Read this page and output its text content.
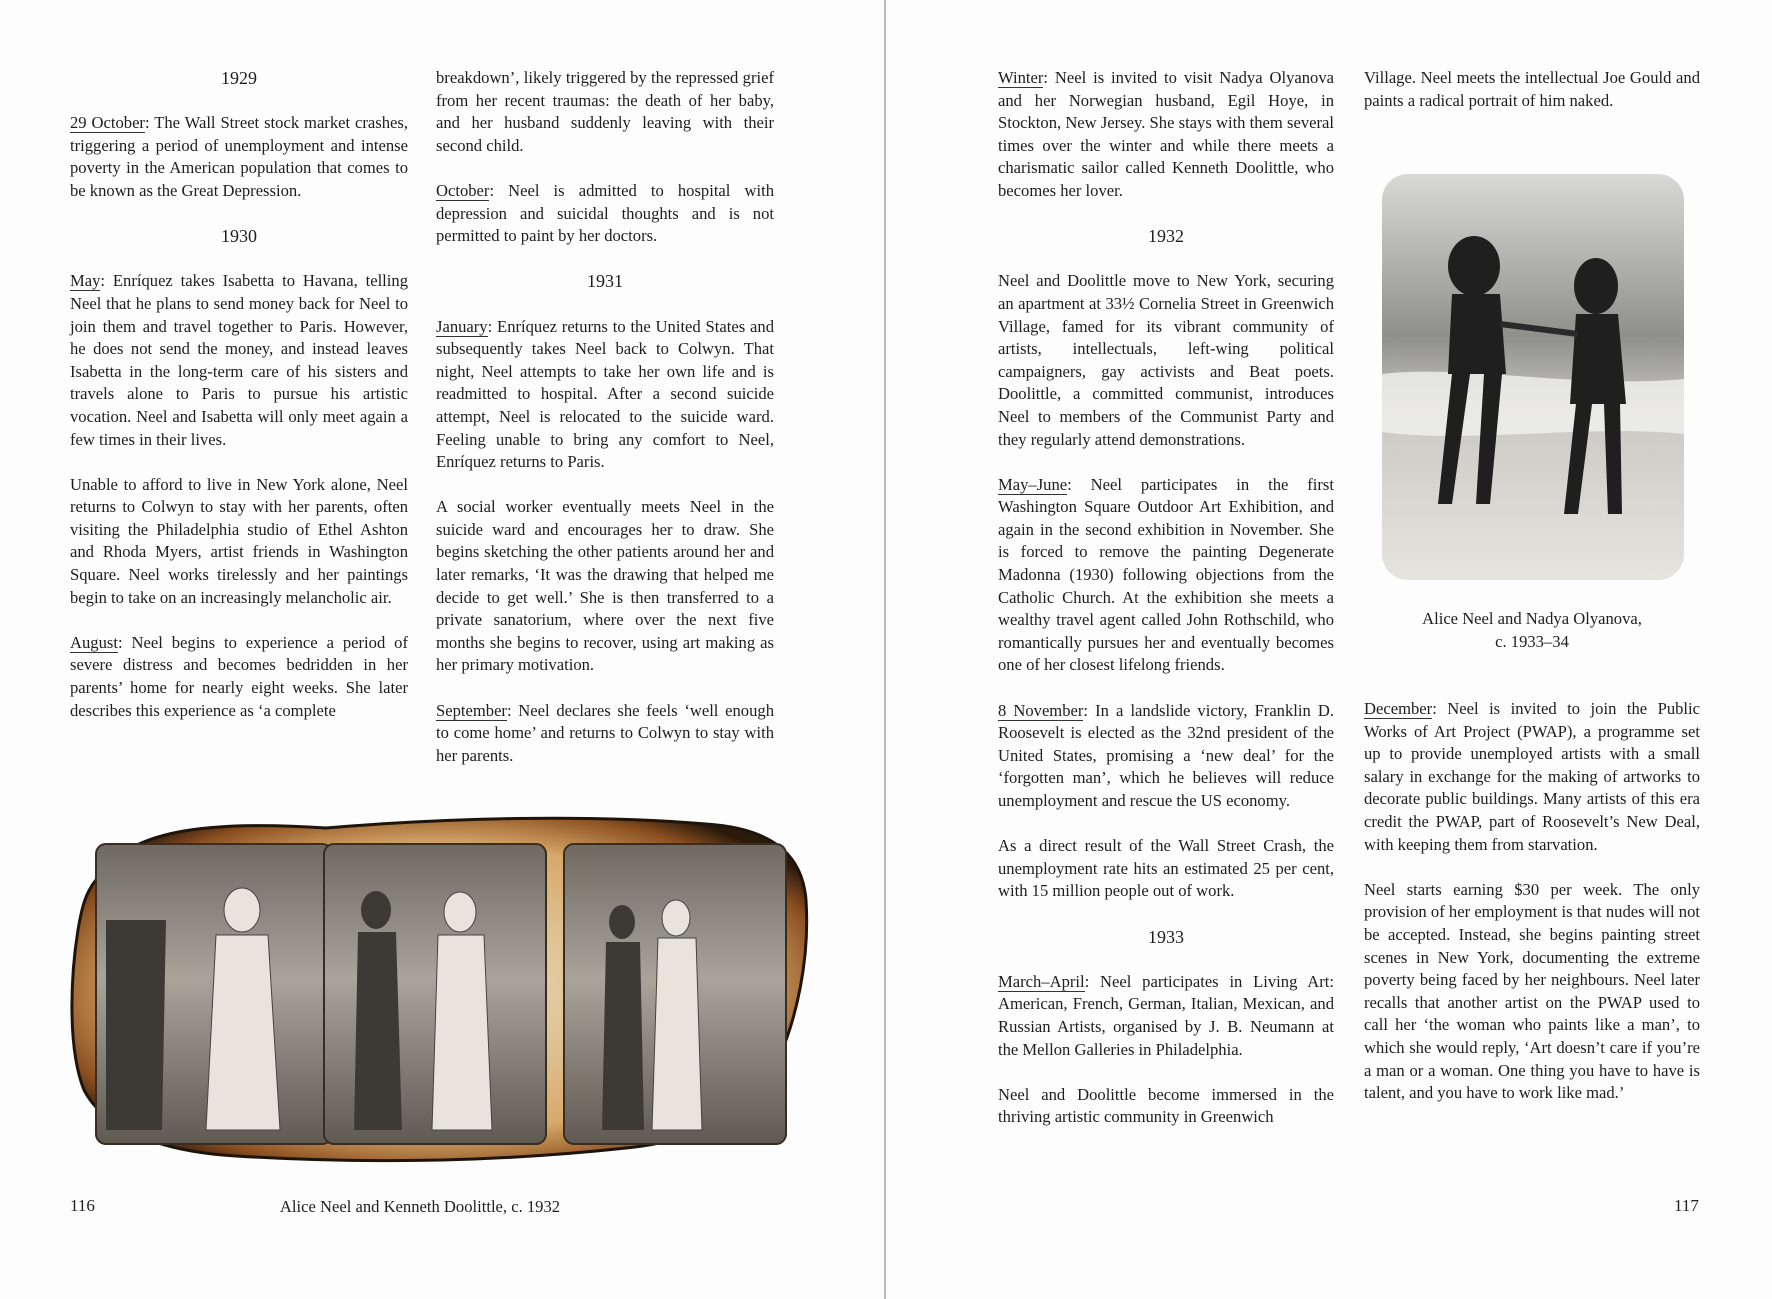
1929

29 October: The Wall Street stock market crashes, triggering a period of unemployment and intense poverty in the American population that comes to be known as the Great Depression.

1930

May: Enríquez takes Isabetta to Havana, telling Neel that he plans to send money back for Neel to join them and travel together to Paris. However, he does not send the money, and instead leaves Isabetta in the long-term care of his sisters and travels alone to Paris to pursue his artistic vocation. Neel and Isabetta will only meet again a few times in their lives.

Unable to afford to live in New York alone, Neel returns to Colwyn to stay with her parents, often visiting the Philadelphia studio of Ethel Ashton and Rhoda Myers, artist friends in Washington Square. Neel works tirelessly and her paintings begin to take on an increasingly melancholic air.

August: Neel begins to experience a period of severe distress and becomes bedridden in her parents’ home for nearly eight weeks. She later describes this experience as ‘a complete

breakdown’, likely triggered by the repressed grief from her recent traumas: the death of her baby, and her husband suddenly leaving with their second child.

October: Neel is admitted to hospital with depression and suicidal thoughts and is not permitted to paint by her doctors.

1931

January: Enríquez returns to the United States and subsequently takes Neel back to Colwyn. That night, Neel attempts to take her own life and is readmitted to hospital. After a second suicide attempt, Neel is relocated to the suicide ward. Feeling unable to bring any comfort to Neel, Enríquez returns to Paris.

A social worker eventually meets Neel in the suicide ward and encourages her to draw. She begins sketching the other patients around her and later remarks, ‘It was the drawing that helped me decide to get well.’ She is then transferred to a private sanatorium, where over the next five months she begins to recover, using art making as her primary motivation.

September: Neel declares she feels ‘well enough to come home’ and returns to Colwyn to stay with her parents.

116	Alice Neel and Kenneth Doolittle, c. 1932

Winter: Neel is invited to visit Nadya Olyanova and her Norwegian husband, Egil Hoye, in Stockton, New Jersey. She stays with them several times over the winter and while there meets a charismatic sailor called Kenneth Doolittle, who becomes her lover.

1932

Neel and Doolittle move to New York, securing an apartment at 33½ Cornelia Street in Greenwich Village, famed for its vibrant community of artists, intellectuals, left-wing political campaigners, gay activists and Beat poets. Doolittle, a committed communist, introduces Neel to members of the Communist Party and they regularly attend demonstrations.

May–June: Neel participates in the first Washington Square Outdoor Art Exhibition, and again in the second exhibition in November. She is forced to remove the painting Degenerate Madonna (1930) following objections from the Catholic Church. At the exhibition she meets a wealthy travel agent called John Rothschild, who romantically pursues her and eventually becomes one of her closest lifelong friends.

8 November: In a landslide victory, Franklin D. Roosevelt is elected as the 32nd president of the United States, promising a ‘new deal’ for the ‘forgotten man’, which he believes will reduce unemployment and rescue the US economy.

As a direct result of the Wall Street Crash, the unemployment rate hits an estimated 25 per cent, with 15 million people out of work.

1933

March–April: Neel participates in Living Art: American, French, German, Italian, Mexican, and Russian Artists, organised by J. B. Neumann at the Mellon Galleries in Philadelphia.

Neel and Doolittle become immersed in the thriving artistic community in Greenwich

Village. Neel meets the intellectual Joe Gould and paints a radical portrait of him naked.

Alice Neel and Nadya Olyanova,
c. 1933–34

December: Neel is invited to join the Public Works of Art Project (PWAP), a programme set up to provide unemployed artists with a small salary in exchange for the making of artworks to decorate public buildings. Many artists of this era credit the PWAP, part of Roosevelt’s New Deal, with keeping them from starvation.

Neel starts earning $30 per week. The only provision of her employment is that nudes will not be accepted. Instead, she begins painting street scenes in New York, documenting the extreme poverty being faced by her neighbours. Neel later recalls that another artist on the PWAP used to call her ‘the woman who paints like a man’, to which she would reply, ‘Art doesn’t care if you’re a man or a woman. One thing you have to have is talent, and you have to work like mad.’

117
